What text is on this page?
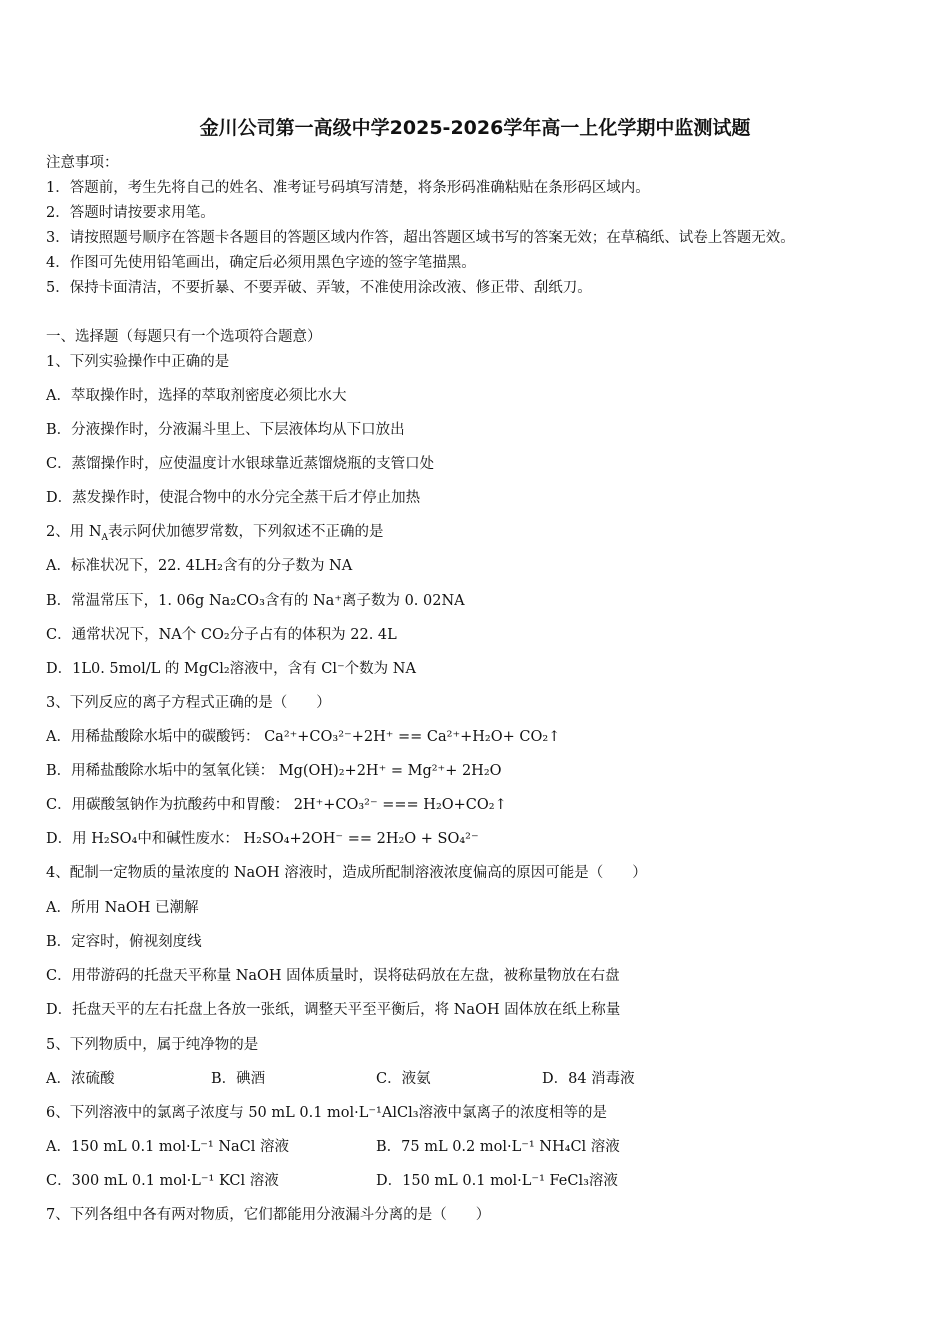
金川公司第一高级中学2025-2026学年高一上化学期中监测试题
注意事项：
1．答题前，考生先将自己的姓名、准考证号码填写清楚，将条形码准确粘贴在条形码区域内。
2．答题时请按要求用笔。
3．请按照题号顺序在答题卡各题目的答题区域内作答，超出答题区域书写的答案无效；在草稿纸、试卷上答题无效。
4．作图可先使用铅笔画出，确定后必须用黑色字迹的签字笔描黑。
5．保持卡面清洁，不要折暴、不要弄破、弄皱，不准使用涂改液、修正带、刮纸刀。
一、选择题（每题只有一个选项符合题意）
1、下列实验操作中正确的是
A．萃取操作时，选择的萃取剂密度必须比水大
B．分液操作时，分液漏斗里上、下层液体均从下口放出
C．蒸馏操作时，应使温度计水银球靠近蒸馏烧瓶的支管口处
D．蒸发操作时，使混合物中的水分完全蒸干后才停止加热
2、用 $N_A$表示阿伏加德罗常数，下列叙述不正确的是
A．标准状况下，22. 4LH₂含有的分子数为 NA
B．常温常压下，1. 06g Na₂CO₃含有的 Na⁺离子数为 0. 02NA
C．通常状况下，NA个 CO₂分子占有的体积为 22. 4L
D．1L0. 5mol/L 的 MgCl₂溶液中，含有 Cl⁻个数为 NA
3、下列反应的离子方程式正确的是（　　）
A．用稀盐酸除水垢中的碳酸钙： Ca²⁺+CO₃²⁻+2H⁺ == Ca²⁺+H₂O+ CO₂↑
B．用稀盐酸除水垢中的氢氧化镁： Mg(OH)₂+2H⁺ = Mg²⁺+ 2H₂O
C．用碳酸氢钠作为抗酸药中和胃酸： 2H⁺+CO₃²⁻ === H₂O+CO₂↑
D．用 H₂SO₄中和碱性废水： H₂SO₄+2OH⁻ == 2H₂O + SO₄²⁻
4、配制一定物质的量浓度的 NaOH 溶液时，造成所配制溶液浓度偏高的原因可能是（　　）
A．所用 NaOH 已潮解
B．定容时，俯视刻度线
C．用带游码的托盘天平称量 NaOH 固体质量时，误将砝码放在左盘，被称量物放在右盘
D．托盘天平的左右托盘上各放一张纸，调整天平至平衡后，将 NaOH 固体放在纸上称量
5、下列物质中，属于纯净物的是
A．浓硫酸	B．碘酒	C．液氨	D．84 消毒液
6、下列溶液中的氯离子浓度与 50 mL 0.1 mol·L⁻¹AlCl₃溶液中氯离子的浓度相等的是
A．150 mL 0.1 mol·L⁻¹ NaCl 溶液	B．75 mL 0.2 mol·L⁻¹ NH₄Cl 溶液
C．300 mL 0.1 mol·L⁻¹ KCl 溶液	D．150 mL 0.1 mol·L⁻¹ FeCl₃溶液
7、下列各组中各有两对物质，它们都能用分液漏斗分离的是（　　）
